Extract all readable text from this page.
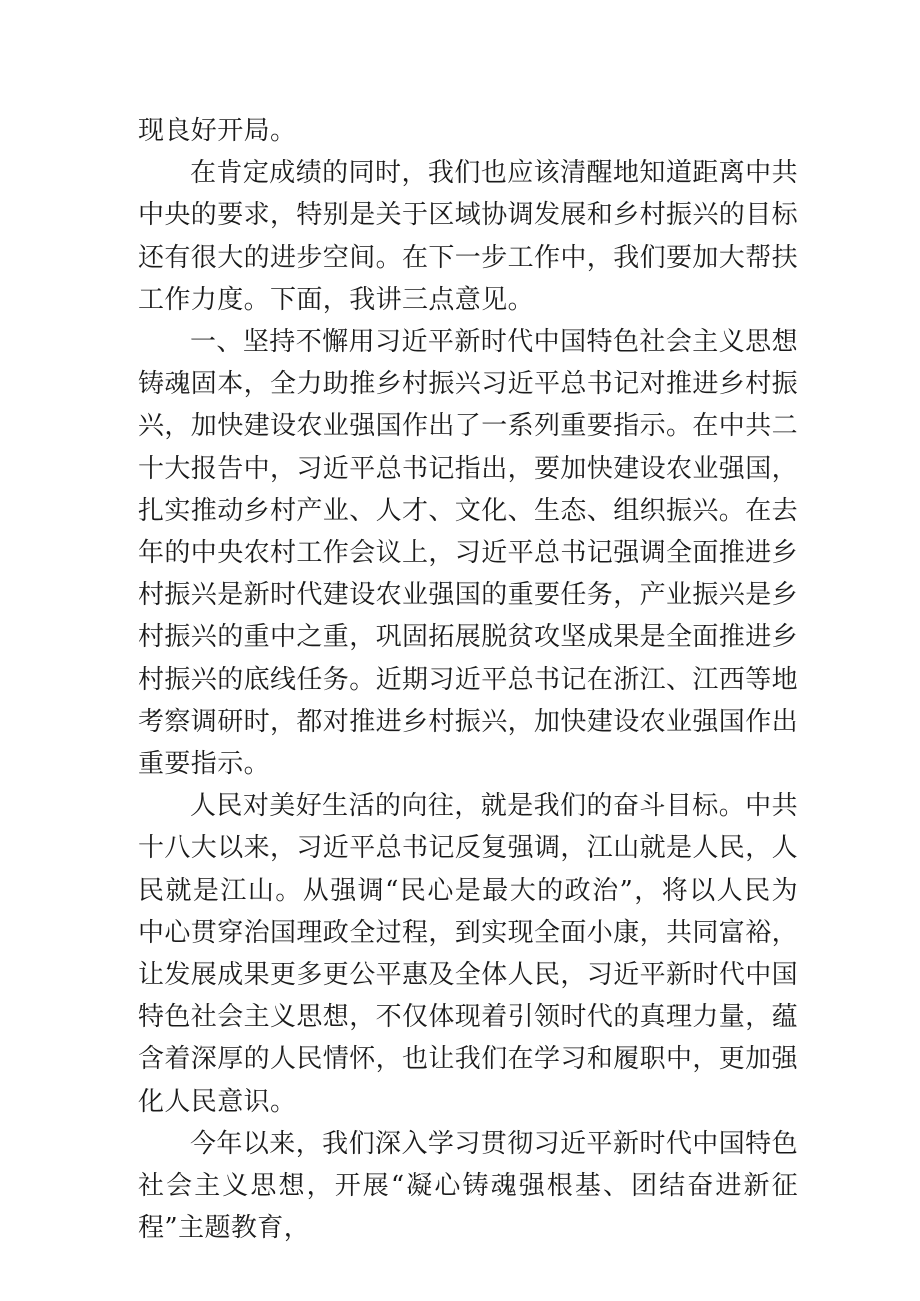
现良好开局。

在肯定成绩的同时，我们也应该清醒地知道距离中共中央的要求，特别是关于区域协调发展和乡村振兴的目标还有很大的进步空间。在下一步工作中，我们要加大帮扶工作力度。下面，我讲三点意见。

一、坚持不懈用习近平新时代中国特色社会主义思想铸魂固本，全力助推乡村振兴习近平总书记对推进乡村振兴，加快建设农业强国作出了一系列重要指示。在中共二十大报告中，习近平总书记指出，要加快建设农业强国，扎实推动乡村产业、人才、文化、生态、组织振兴。在去年的中央农村工作会议上，习近平总书记强调全面推进乡村振兴是新时代建设农业强国的重要任务，产业振兴是乡村振兴的重中之重，巩固拓展脱贫攻坚成果是全面推进乡村振兴的底线任务。近期习近平总书记在浙江、江西等地考察调研时，都对推进乡村振兴，加快建设农业强国作出重要指示。

人民对美好生活的向往，就是我们的奋斗目标。中共十八大以来，习近平总书记反复强调，江山就是人民，人民就是江山。从强调“民心是最大的政治”，将以人民为中心贯穿治国理政全过程，到实现全面小康，共同富裕，让发展成果更多更公平惠及全体人民，习近平新时代中国特色社会主义思想，不仅体现着引领时代的真理力量，蕴含着深厚的人民情怀，也让我们在学习和履职中，更加强化人民意识。

今年以来，我们深入学习贯彻习近平新时代中国特色社会主义思想，开展“凝心铸魂强根基、团结奋进新征程”主题教育，
